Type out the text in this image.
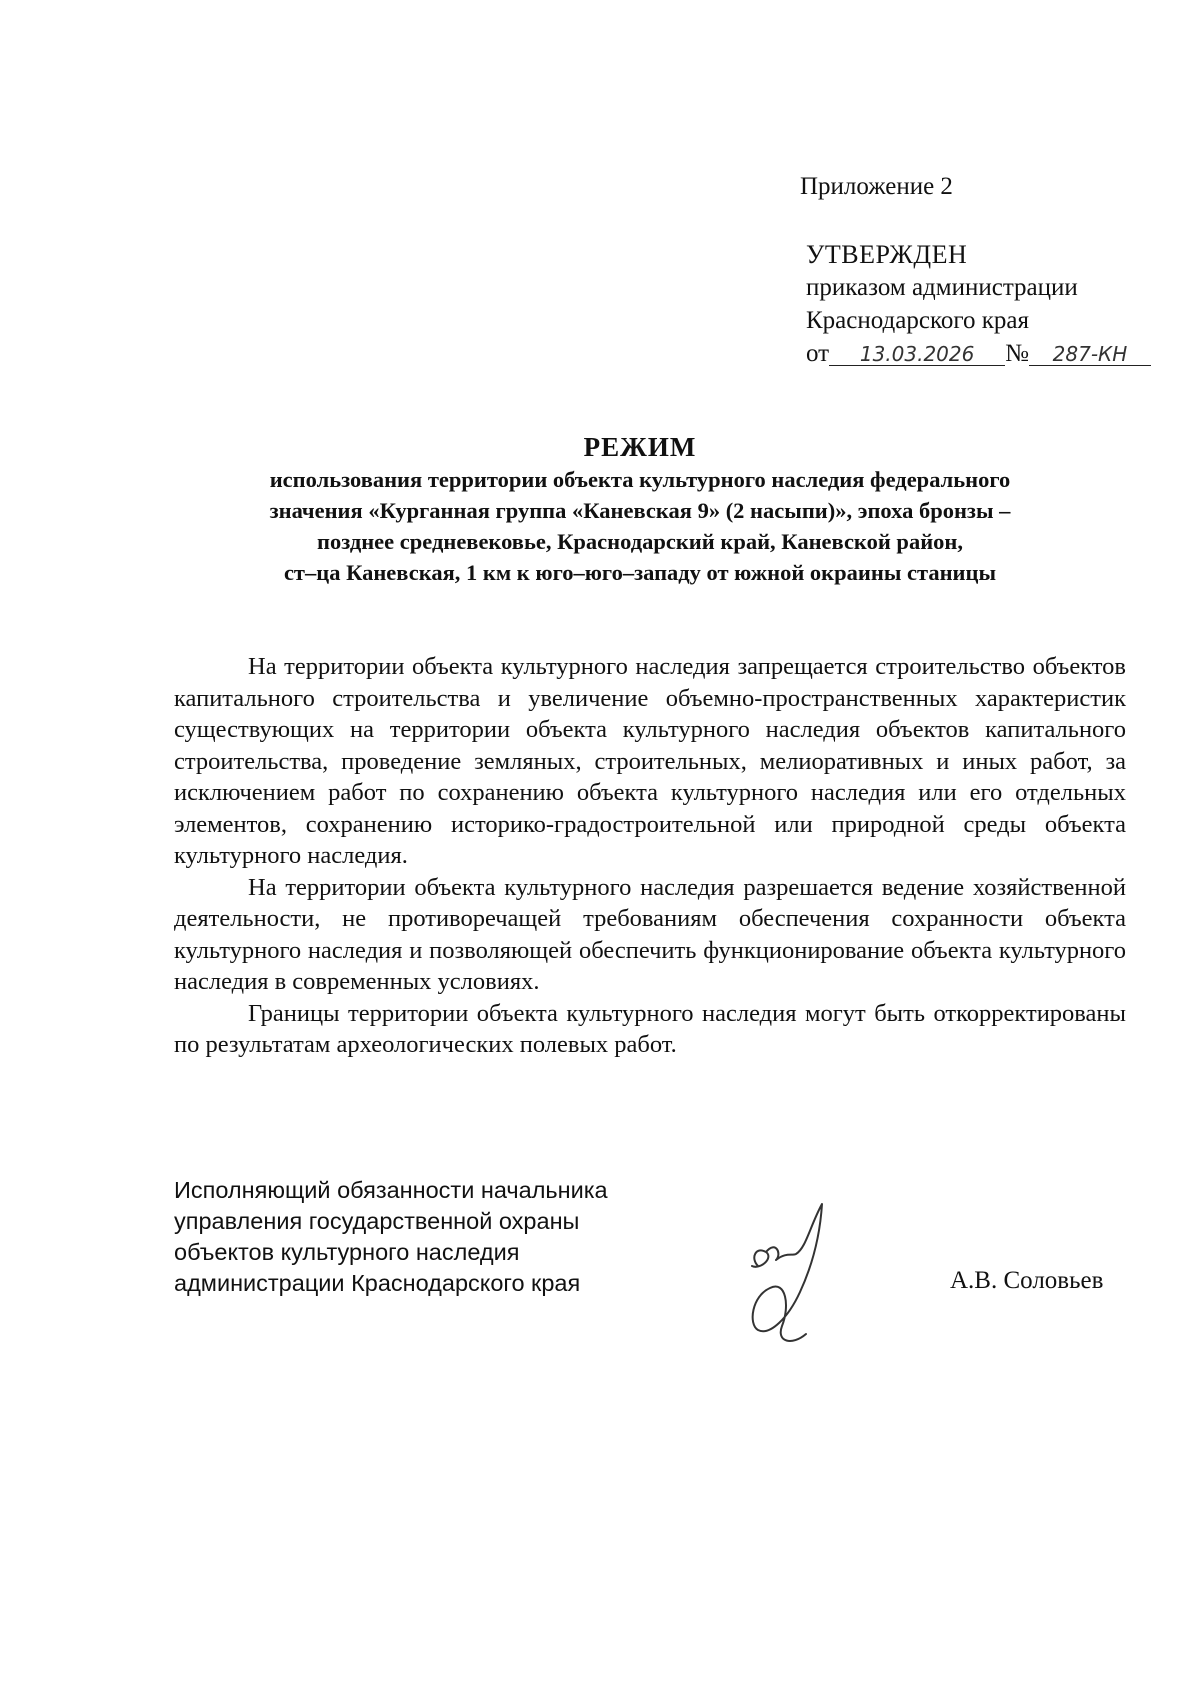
Приложение 2
УТВЕРЖДЕН
приказом администрации
Краснодарского края
от 13.03.2026 № 287-КН
РЕЖИМ
использования территории объекта культурного наследия федерального
значения «Курганная группа «Каневская 9» (2 насыпи)», эпоха бронзы –
позднее средневековье, Краснодарский край, Каневской район,
ст–ца Каневская, 1 км к юго–юго–западу от южной окраины станицы

На территории объекта культурного наследия запрещается строительство объектов капитального строительства и увеличение объемно-пространственных характеристик существующих на территории объекта культурного наследия объектов капитального строительства, проведение земляных, строительных, мелиоративных и иных работ, за исключением работ по сохранению объекта культурного наследия или его отдельных элементов, сохранению историко-градостроительной или природной среды объекта культурного наследия.

На территории объекта культурного наследия разрешается ведение хозяйственной деятельности, не противоречащей требованиям обеспечения сохранности объекта культурного наследия и позволяющей обеспечить функционирование объекта культурного наследия в современных условиях.

Границы территории объекта культурного наследия могут быть откорректированы по результатам археологических полевых работ.

Исполняющий обязанности начальника
управления государственной охраны
объектов культурного наследия
администрации Краснодарского края	А.В. Соловьев
